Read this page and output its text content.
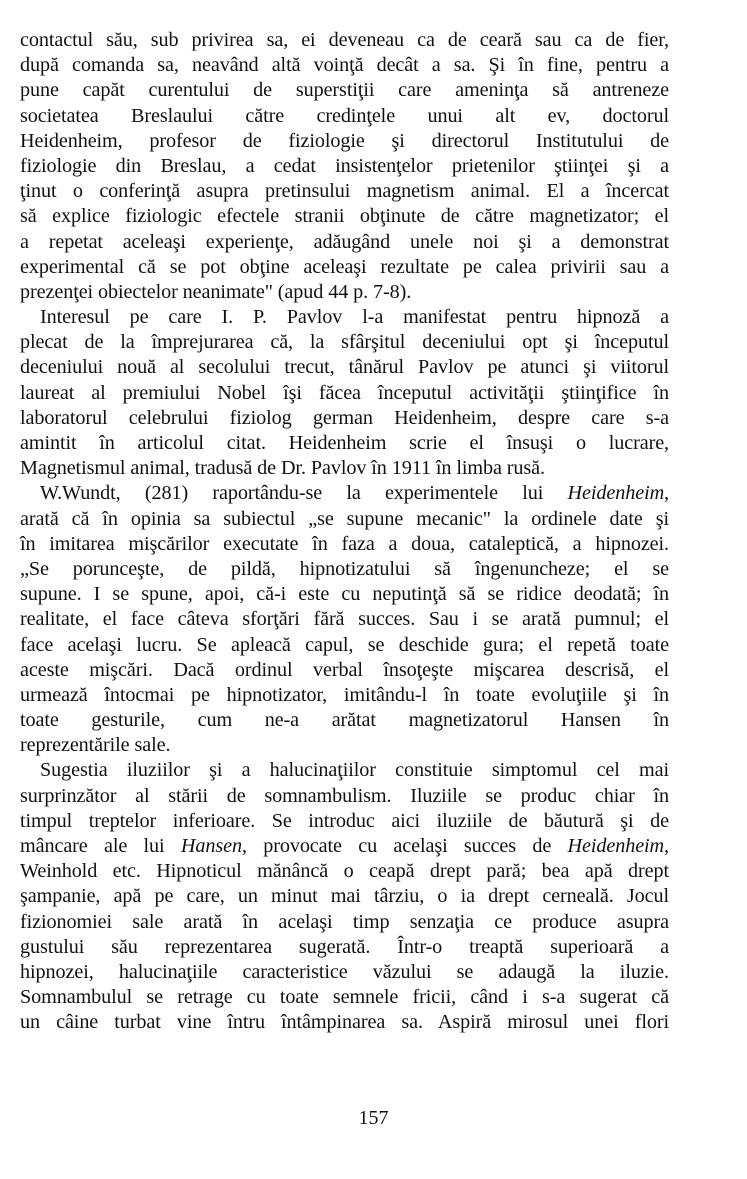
contactul său, sub privirea sa, ei deveneau ca de ceară sau ca de fier,
după comanda sa, neavând altă voinţă decât a sa. Şi în fine, pentru a
pune capăt curentului de superstiţii care ameninţa să antreneze
societatea Breslaului către credinţele unui alt ev, doctorul
Heidenheim, profesor de fiziologie şi directorul Institutului de
fiziologie din Breslau, a cedat insistenţelor prietenilor ştiinţei şi a
ţinut o conferinţă asupra pretinsului magnetism animal. El a încercat
să explice fiziologic efectele stranii obţinute de către magnetizator; el
a repetat aceleaşi experienţe, adăugând unele noi şi a demonstrat
experimental că se pot obţine aceleaşi rezultate pe calea privirii sau a
prezenţei obiectelor neanimate" (apud 44 p. 7-8).
Interesul pe care I. P. Pavlov l-a manifestat pentru hipnoză a
plecat de la împrejurarea că, la sfârşitul deceniului opt şi începutul
deceniului nouă al secolului trecut, tânărul Pavlov pe atunci şi viitorul
laureat al premiului Nobel îşi făcea începutul activităţii ştiinţifice în
laboratorul celebrului fiziolog german Heidenheim, despre care s-a
amintit în articolul citat. Heidenheim scrie el însuşi o lucrare,
Magnetismul animal, tradusă de Dr. Pavlov în 1911 în limba rusă.
W.Wundt, (281) raportându-se la experimentele lui Heidenheim,
arată că în opinia sa subiectul „se supune mecanic" la ordinele date şi
în imitarea mişcărilor executate în faza a doua, cataleptică, a hipnozei.
„Se porunceşte, de pildă, hipnotizatului să îngenuncheze; el se
supune. I se spune, apoi, că-i este cu neputinţă să se ridice deodată; în
realitate, el face câteva sforţări fără succes. Sau i se arată pumnul; el
face acelaşi lucru. Se apleacă capul, se deschide gura; el repetă toate
aceste mişcări. Dacă ordinul verbal însoţeşte mişcarea descrisă, el
urmează întocmai pe hipnotizator, imitându-l în toate evoluţiile şi în
toate gesturile, cum ne-a arătat magnetizatorul Hansen în
reprezentările sale.
Sugestia iluziilor şi a halucinaţiilor constituie simptomul cel mai
surprinzător al stării de somnambulism. Iluziile se produc chiar în
timpul treptelor inferioare. Se introduc aici iluziile de băutură şi de
mâncare ale lui Hansen, provocate cu acelaşi succes de Heidenheim,
Weinhold etc. Hipnoticul mănâncă o ceapă drept pară; bea apă drept
şampanie, apă pe care, un minut mai târziu, o ia drept cerneală. Jocul
fizionomiei sale arată în acelaşi timp senzaţia ce produce asupra
gustului său reprezentarea sugerată. Într-o treaptă superioară a
hipnozei, halucinaţiile caracteristice văzului se adaugă la iluzie.
Somnambulul se retrage cu toate semnele fricii, când i s-a sugerat că
un câine turbat vine întru întâmpinarea sa. Aspiră mirosul unei flori
157
